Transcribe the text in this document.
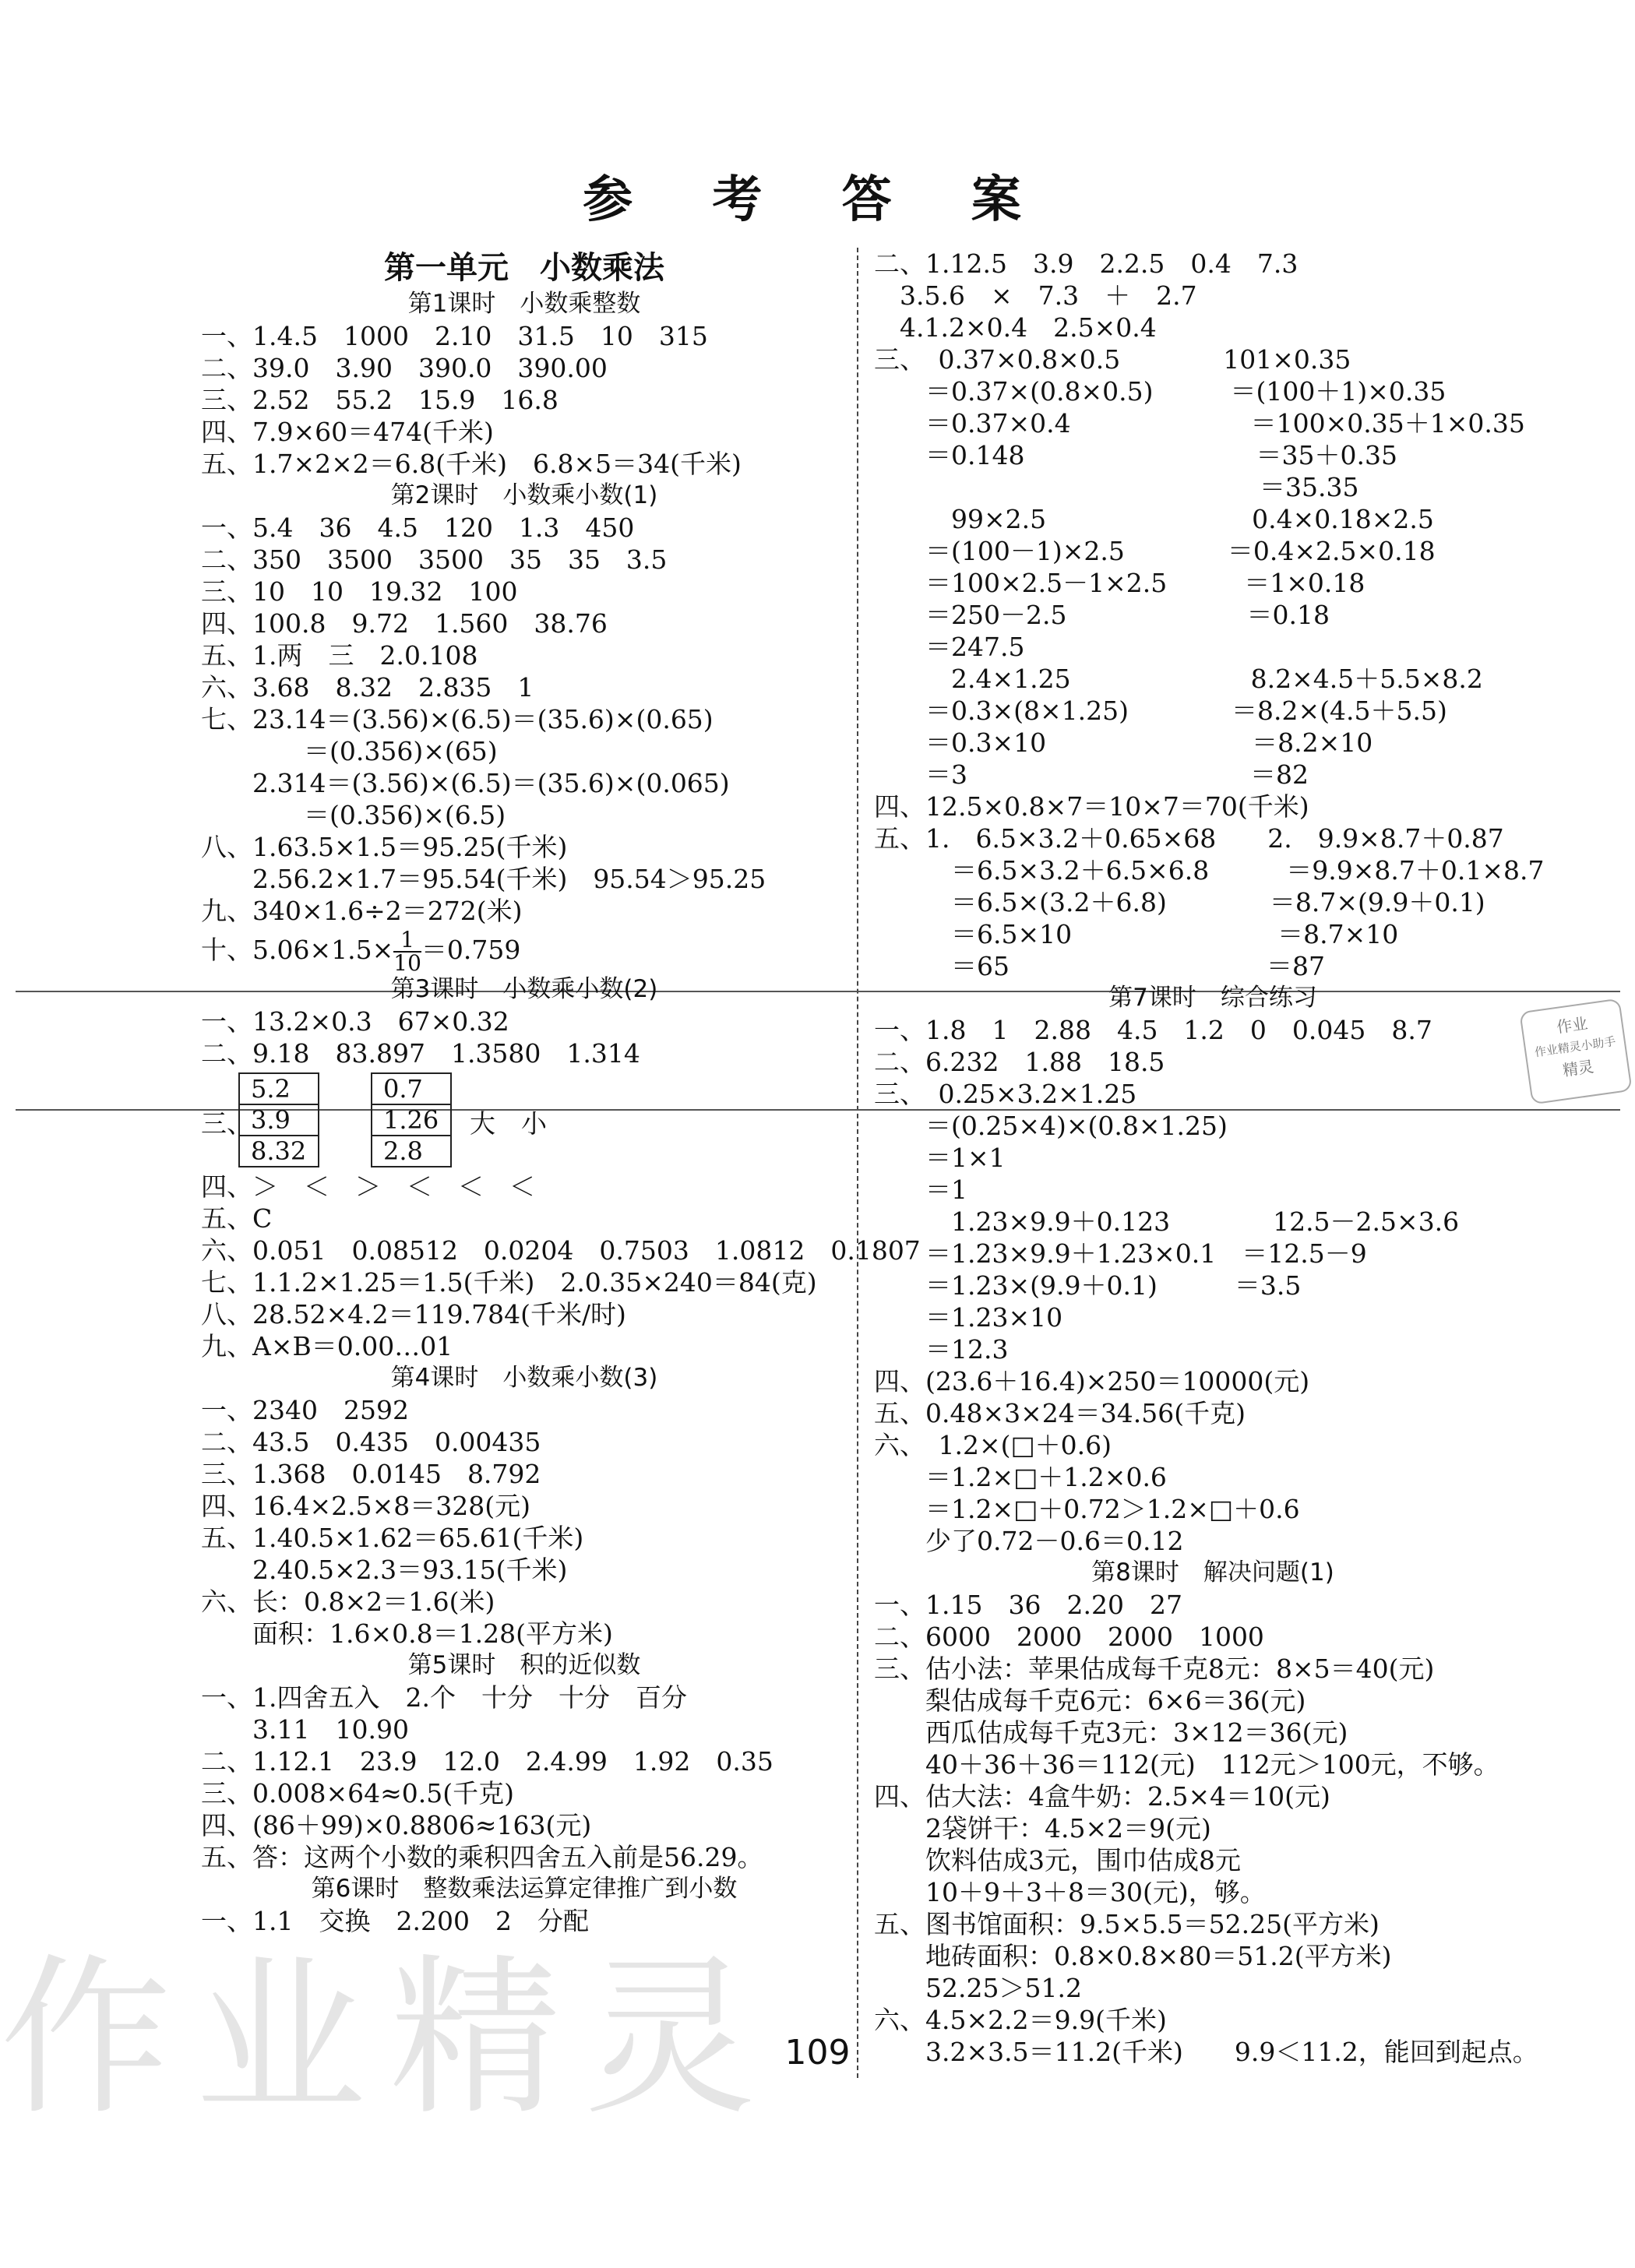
参 考 答 案
第一单元　小数乘法
第1课时　小数乘整数
一、1.4.5　1000　2.10　31.5　10　315
二、39.0　3.90　390.0　390.00
三、2.52　55.2　15.9　16.8
四、7.9×60＝474(千米)
五、1.7×2×2＝6.8(千米)　6.8×5＝34(千米)
第2课时　小数乘小数(1)
一、5.4　36　4.5　120　1.3　450
二、350　3500　3500　35　35　3.5
三、10　10　19.32　100
四、100.8　9.72　1.560　38.76
五、1.两　三　2.0.108
六、3.68　8.32　2.835　1
七、23.14＝(3.56)×(6.5)＝(35.6)×(0.65)
　　　　＝(0.356)×(65)
　　2.314＝(3.56)×(6.5)＝(35.6)×(0.065)
　　　　＝(0.356)×(6.5)
八、1.63.5×1.5＝95.25(千米)
　　2.56.2×1.7＝95.54(千米)　95.54＞95.25
九、340×1.6÷2＝272(米)
十、$5.06\times 1.5\times \frac{1}{10} =0.759$
第3课时　小数乘小数(2)
一、13.2×0.3　67×0.32
二、9.18　83.897　1.3580　1.314
三、
5.2
3.9
8.32
0.7
1.26
2.8
大　小
四、＞　＜　＞　＜　＜　＜
五、C
六、0.051　0.08512　0.0204　0.7503　1.0812　0.1807
七、1.1.2×1.25＝1.5(千米)　2.0.35×240＝84(克)
八、28.52×4.2＝119.784(千米/时)
九、A×B＝0.00…01
第4课时　小数乘小数(3)
一、2340　2592
二、43.5　0.435　0.00435
三、1.368　0.0145　8.792
四、16.4×2.5×8＝328(元)
五、1.40.5×1.62＝65.61(千米)
　　2.40.5×2.3＝93.15(千米)
六、长：0.8×2＝1.6(米)
　　面积：1.6×0.8＝1.28(平方米)
第5课时　积的近似数
一、1.四舍五入　2.个　十分　十分　百分
　　3.11　10.90
二、1.12.1　23.9　12.0　2.4.99　1.92　0.35
三、0.008×64≈0.5(千克)
四、(86＋99)×0.8806≈163(元)
五、答：这两个小数的乘积四舍五入前是56.29。
第6课时　整数乘法运算定律推广到小数
一、1.1　交换　2.200　2　分配
二、1.12.5　3.9　2.2.5　0.4　7.3
　3.5.6　×　7.3　＋　2.7
　4.1.2×0.4　2.5×0.4
三、　0.37×0.8×0.5　　　　101×0.35
　　＝0.37×(0.8×0.5)　　　＝(100＋1)×0.35
　　＝0.37×0.4　　　　　　　＝100×0.35＋1×0.35
　　＝0.148　　　　　　　　　＝35＋0.35
　　　　　　　　　　　　　　　＝35.35
　　　99×2.5　　　　　　　　0.4×0.18×2.5
　　＝(100－1)×2.5　　　　＝0.4×2.5×0.18
　　＝100×2.5－1×2.5　　　＝1×0.18
　　＝250－2.5　　　　　　　＝0.18
　　＝247.5
　　　2.4×1.25　　　　　　　8.2×4.5＋5.5×8.2
　　＝0.3×(8×1.25)　　　　＝8.2×(4.5＋5.5)
　　＝0.3×10　　　　　　　　＝8.2×10
　　＝3　　　　　　　　　　　＝82
四、12.5×0.8×7＝10×7＝70(千米)
五、1.　6.5×3.2＋0.65×68　　2.　9.9×8.7＋0.87
　　　＝6.5×3.2＋6.5×6.8　　　＝9.9×8.7＋0.1×8.7
　　　＝6.5×(3.2＋6.8)　　　　＝8.7×(9.9＋0.1)
　　　＝6.5×10　　　　　　　　＝8.7×10
　　　＝65　　　　　　　　　　＝87
第7课时　综合练习
一、1.8　1　2.88　4.5　1.2　0　0.045　8.7
二、6.232　1.88　18.5
三、　0.25×3.2×1.25
　　＝(0.25×4)×(0.8×1.25)
　　＝1×1
　　＝1
　　　1.23×9.9＋0.123　　　　12.5－2.5×3.6
　　＝1.23×9.9＋1.23×0.1　＝12.5－9
　　＝1.23×(9.9＋0.1)　　　＝3.5
　　＝1.23×10
　　＝12.3
四、(23.6＋16.4)×250＝10000(元)
五、0.48×3×24＝34.56(千克)
六、　1.2×(□＋0.6)
　　＝1.2×□＋1.2×0.6
　　＝1.2×□＋0.72＞1.2×□＋0.6
　　少了0.72－0.6＝0.12
第8课时　解决问题(1)
一、1.15　36　2.20　27
二、6000　2000　2000　1000
三、估小法：苹果估成每千克8元：8×5＝40(元)
　　梨估成每千克6元：6×6＝36(元)
　　西瓜估成每千克3元：3×12＝36(元)
　　40＋36＋36＝112(元)　112元＞100元，不够。
四、估大法：4盒牛奶：2.5×4＝10(元)
　　2袋饼干：4.5×2＝9(元)
　　饮料估成3元，围巾估成8元
　　10＋9＋3＋8＝30(元)，够。
五、图书馆面积：9.5×5.5＝52.25(平方米)
　　地砖面积：0.8×0.8×80＝51.2(平方米)
　　52.25＞51.2
六、4.5×2.2＝9.9(千米)
　　3.2×3.5＝11.2(千米)　　9.9＜11.2，能回到起点。
作业
作业精灵小助手
精灵
作业精灵 109
